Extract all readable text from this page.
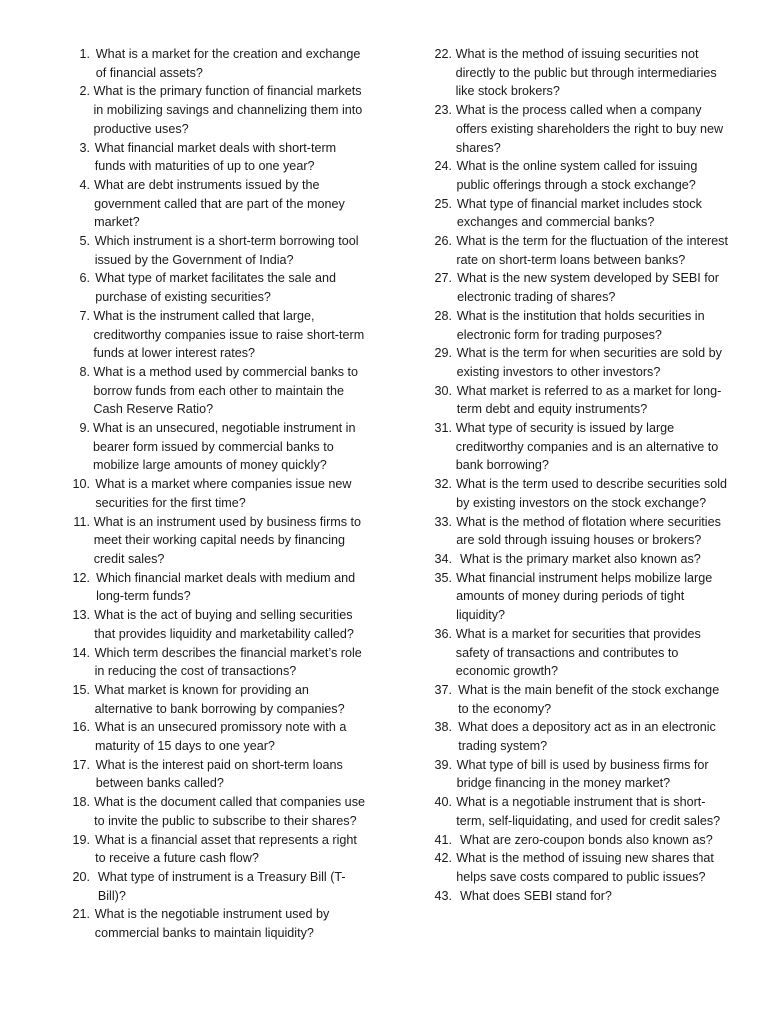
1. What is a market for the creation and exchange of financial assets?
2. What is the primary function of financial markets in mobilizing savings and channelizing them into productive uses?
3. What financial market deals with short-term funds with maturities of up to one year?
4. What are debt instruments issued by the government called that are part of the money market?
5. Which instrument is a short-term borrowing tool issued by the Government of India?
6. What type of market facilitates the sale and purchase of existing securities?
7. What is the instrument called that large, creditworthy companies issue to raise short-term funds at lower interest rates?
8. What is a method used by commercial banks to borrow funds from each other to maintain the Cash Reserve Ratio?
9. What is an unsecured, negotiable instrument in bearer form issued by commercial banks to mobilize large amounts of money quickly?
10. What is a market where companies issue new securities for the first time?
11. What is an instrument used by business firms to meet their working capital needs by financing credit sales?
12. Which financial market deals with medium and long-term funds?
13. What is the act of buying and selling securities that provides liquidity and marketability called?
14. Which term describes the financial market’s role in reducing the cost of transactions?
15. What market is known for providing an alternative to bank borrowing by companies?
16. What is an unsecured promissory note with a maturity of 15 days to one year?
17. What is the interest paid on short-term loans between banks called?
18. What is the document called that companies use to invite the public to subscribe to their shares?
19. What is a financial asset that represents a right to receive a future cash flow?
20. What type of instrument is a Treasury Bill (T-Bill)?
21. What is the negotiable instrument used by commercial banks to maintain liquidity?
22. What is the method of issuing securities not directly to the public but through intermediaries like stock brokers?
23. What is the process called when a company offers existing shareholders the right to buy new shares?
24. What is the online system called for issuing public offerings through a stock exchange?
25. What type of financial market includes stock exchanges and commercial banks?
26. What is the term for the fluctuation of the interest rate on short-term loans between banks?
27. What is the new system developed by SEBI for electronic trading of shares?
28. What is the institution that holds securities in electronic form for trading purposes?
29. What is the term for when securities are sold by existing investors to other investors?
30. What market is referred to as a market for long-term debt and equity instruments?
31. What type of security is issued by large creditworthy companies and is an alternative to bank borrowing?
32. What is the term used to describe securities sold by existing investors on the stock exchange?
33. What is the method of flotation where securities are sold through issuing houses or brokers?
34. What is the primary market also known as?
35. What financial instrument helps mobilize large amounts of money during periods of tight liquidity?
36. What is a market for securities that provides safety of transactions and contributes to economic growth?
37. What is the main benefit of the stock exchange to the economy?
38. What does a depository act as in an electronic trading system?
39. What type of bill is used by business firms for bridge financing in the money market?
40. What is a negotiable instrument that is short-term, self-liquidating, and used for credit sales?
41. What are zero-coupon bonds also known as?
42. What is the method of issuing new shares that helps save costs compared to public issues?
43. What does SEBI stand for?
